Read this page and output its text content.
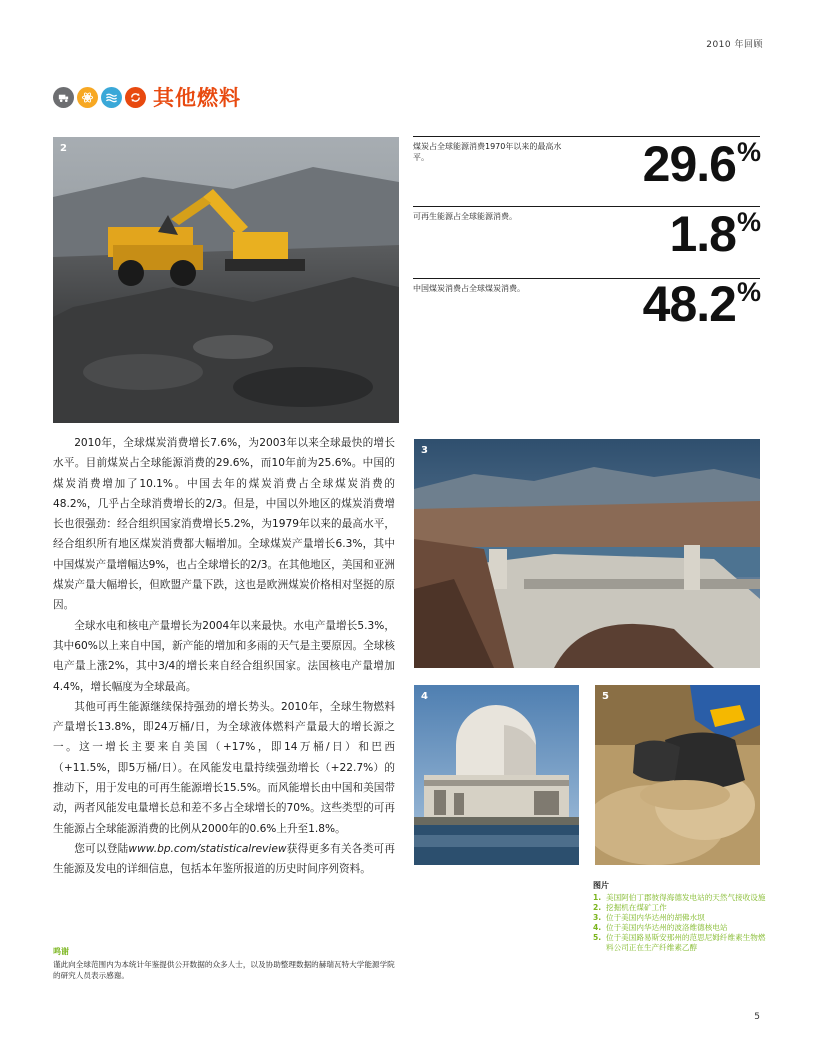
2010 年回顾
其他燃料
2	煤炭占全球能源消费1970年以来的最高水平。	29.6%
可再生能源占全球能源消费。	1.8%
中国煤炭消费占全球煤炭消费。	48.2%

2010年，全球煤炭消费增长7.6%，为2003年以来全球最快的增长水平。目前煤炭占全球能源消费的29.6%，而10年前为25.6%。中国的煤炭消费增加了10.1%。中国去年的煤炭消费占全球煤炭消费的48.2%，几乎占全球消费增长的2/3。但是，中国以外地区的煤炭消费增长也很强劲：经合组织国家消费增长5.2%，为1979年以来的最高水平，经合组织所有地区煤炭消费都大幅增加。全球煤炭产量增长6.3%，其中中国煤炭产量增幅达9%，也占全球增长的2/3。在其他地区，美国和亚洲煤炭产量大幅增长，但欧盟产量下跌，这也是欧洲煤炭价格相对坚挺的原因。

全球水电和核电产量增长为2004年以来最快。水电产量增长5.3%，其中60%以上来自中国，新产能的增加和多雨的天气是主要原因。全球核电产量上涨2%，其中3/4的增长来自经合组织国家。法国核电产量增加4.4%，增长幅度为全球最高。

其他可再生能源继续保持强劲的增长势头。2010年，全球生物燃料产量增长13.8%，即24万桶/日，为全球液体燃料产量最大的增长源之一。这一增长主要来自美国（+17%，即14万桶/日）和巴西（+11.5%，即5万桶/日）。在风能发电量持续强劲增长（+22.7%）的推动下，用于发电的可再生能源增长15.5%。而风能增长由中国和美国带动，两者风能发电量增长总和差不多占全球增长的70%。这些类型的可再生能源占全球能源消费的比例从2000年的0.6%上升至1.8%。

您可以登陆www.bp.com/statisticalreview获得更多有关各类可再生能源及发电的详细信息，包括本年鉴所报道的历史时间序列资料。

3
4	5
图片
1. 美国阿伯丁郡彼得海德发电站的天然气接收设施
2. 挖掘机在煤矿工作
3. 位于美国内华达州的胡佛水坝
4. 位于美国内华达州的波洛维德核电站
5. 位于美国路易斯安那州的范思尼姆纤维素生物燃料公司正在生产纤维素乙醇
鸣谢
谨此向全球范围内为本统计年鉴提供公开数据的众多人士，以及协助整理数据的赫瑞瓦特大学能源学院的研究人员表示感谢。
5
